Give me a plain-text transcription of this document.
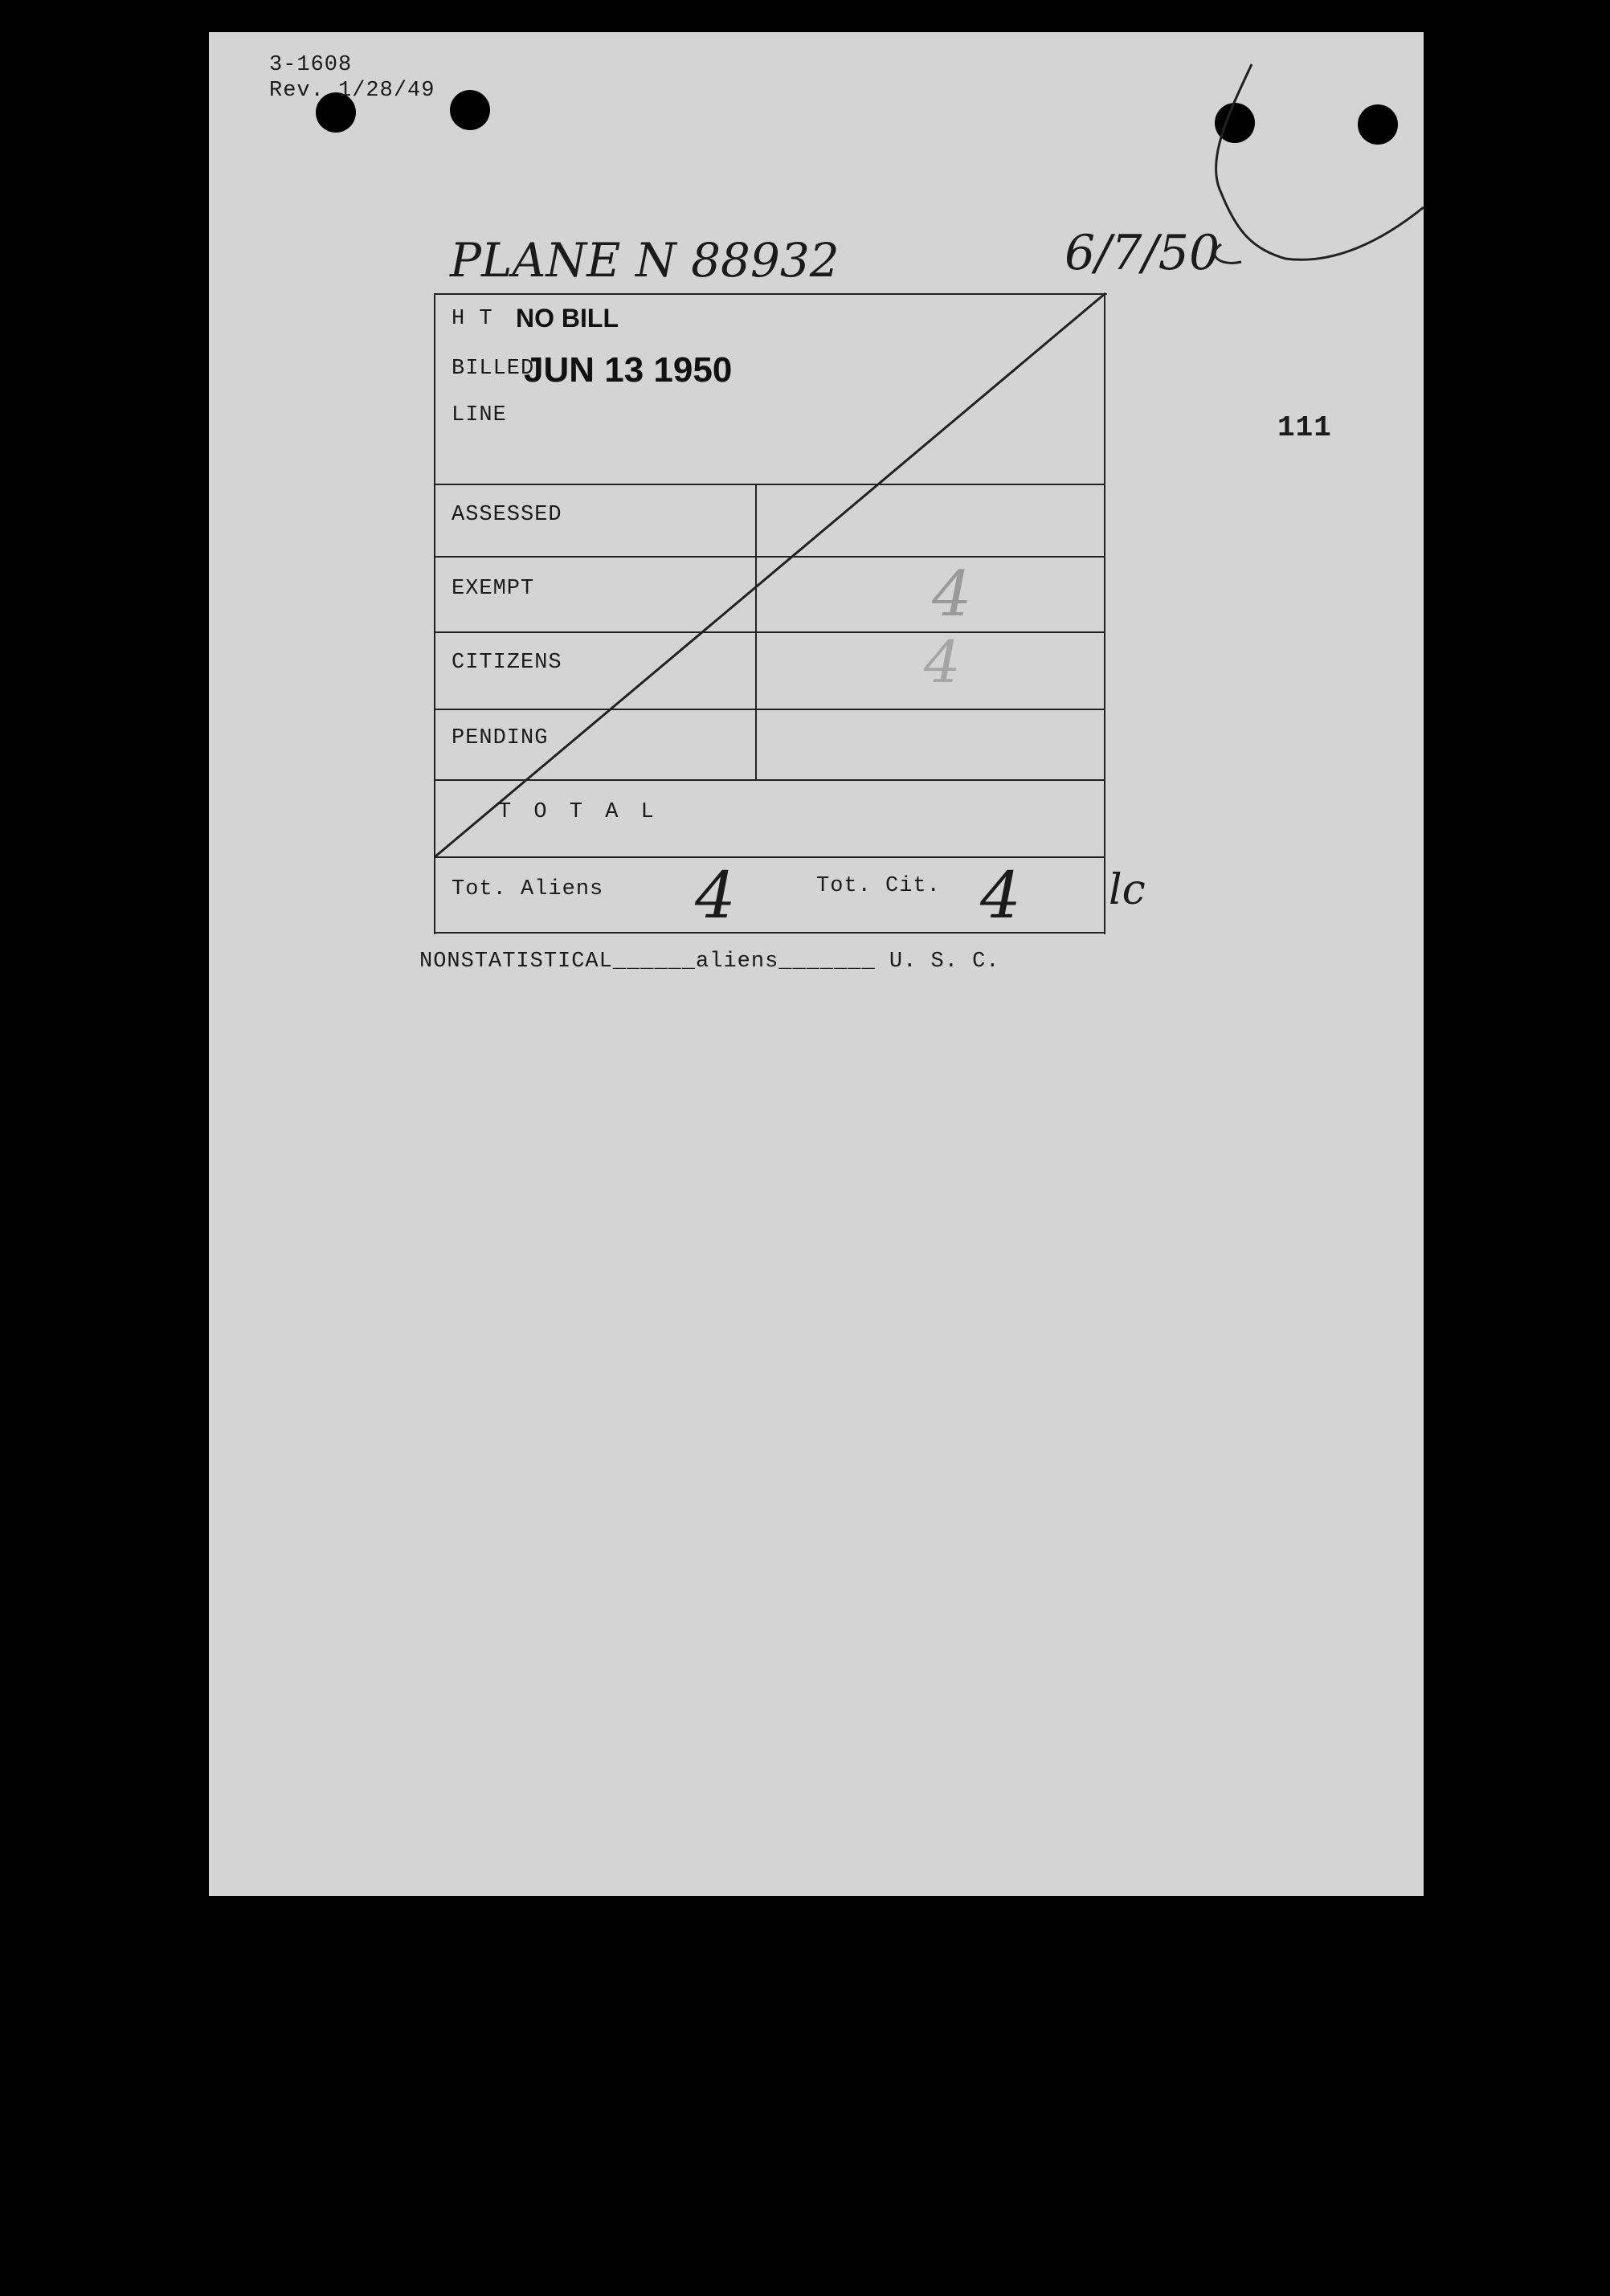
3-1608
Rev. 1/28/49
111
PLANE N 88932	6/7/50
H T NO BILL
BILLED
JUN 13 1950
LINE
ASSESSED
EXEMPT
CITIZENS
PENDING
4
4
T O T A L
Tot. Aliens 4	Tot. Cit. 4 lc
NONSTATISTICAL______aliens_______ U. S. C.
